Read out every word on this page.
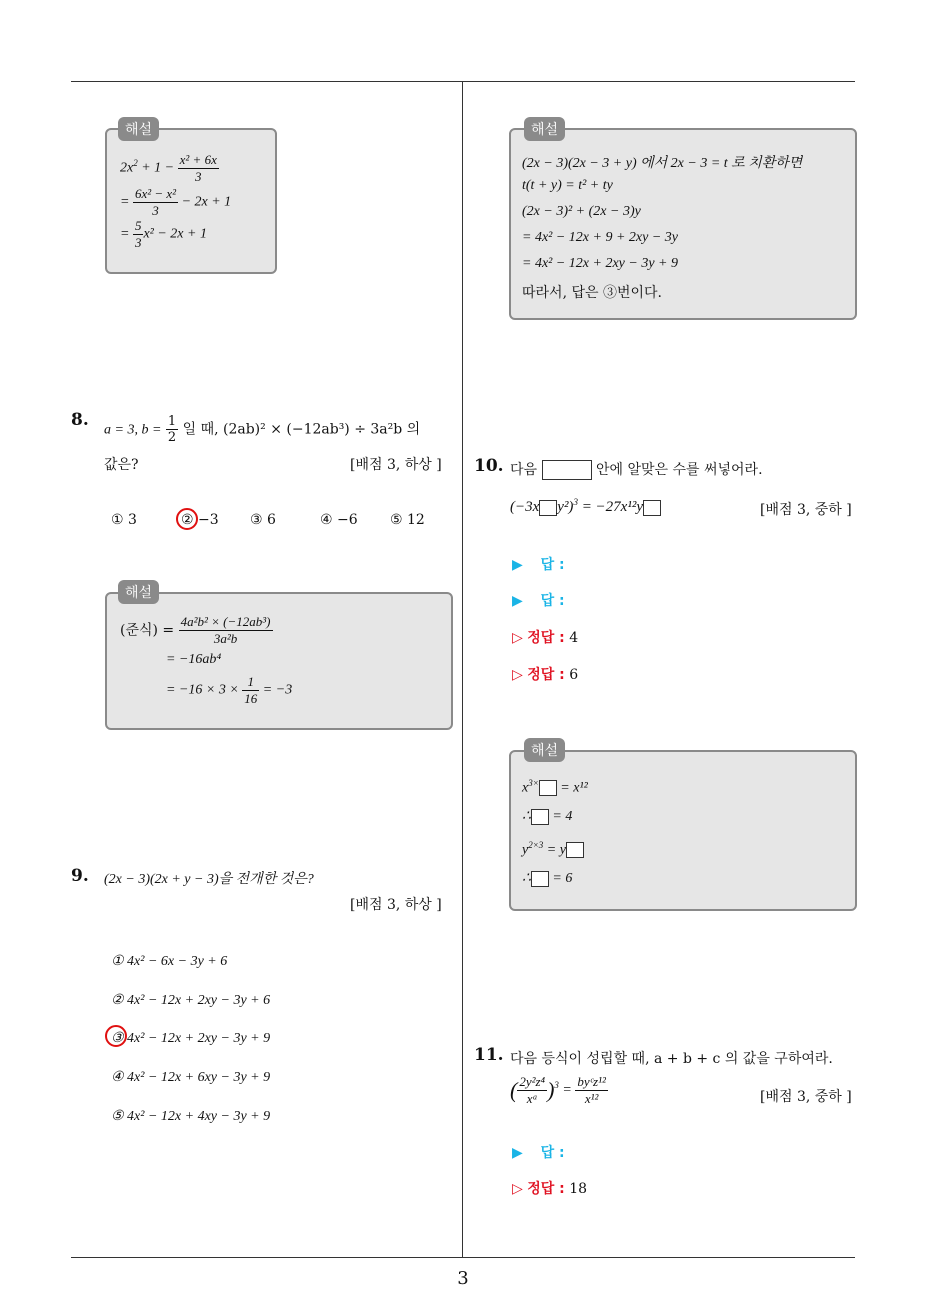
3
해설
$2x^2 + 1 - \frac{\text{x² + 6x}}{3}$
= $\frac{\text{6x² − x²}}{3} - 2x + 1$
= $\frac{5}{3} x^2 - 2x + 1$
8. a = 3, $b = \frac{1}{2}$ 일 때, (2ab)² × (−12ab³) ÷ 3a²b 의
값은?	[배점 3, 하상 ]
① 3	② −3 ③ 6	④ −6 ⑤ 12
해설
(준식) = $\frac{\text{4a²b² × (−12ab³)}}{\text{3a²b}}$
= −16ab⁴
= $-16 \times 3 \times \frac{1}{16} = -3$
9. (2x − 3)(2x + y − 3)을 전개한 것은?
[배점 3, 하상 ]
① 4x² − 6x − 3y + 6
② 4x² − 12x + 2xy − 3y + 6
③ 4x² − 12x + 2xy − 3y + 9
④ 4x² − 12x + 6xy − 3y + 9
⑤ 4x² − 12x + 4xy − 3y + 9
해설
(2x − 3)(2x − 3 + y) 에서 2x − 3 = t 로 치환하면
t(t + y) = t² + ty
(2x − 3)² + (2x − 3)y
= 4x² − 12x + 9 + 2xy − 3y
= 4x² − 12x + 2xy − 3y + 9
따라서, 답은 ③번이다.
10. 다음	안에 알맞은 수를 써넣어라.
(−3x y²)$^3$ = −27x¹²y	[배점 3, 중하 ]
▶ 답 :
▶ 답 :
▷ 정답 : 4
▷ 정답 : 6
해설
$x^{3\times} = x^{12}$
∴ = 4
$y^{2\times 3} = y$
∴ = 6
11. 다음 등식이 성립할 때, a + b + c 의 값을 구하여라.
( $\frac{\text{2y²z⁴}}{\text{xᵃ}} )^3 = \frac{\text{byᶜz¹²}}{\text{x¹²}}$	[배점 3, 중하 ]
▶ 답 :
▷ 정답 : 18
